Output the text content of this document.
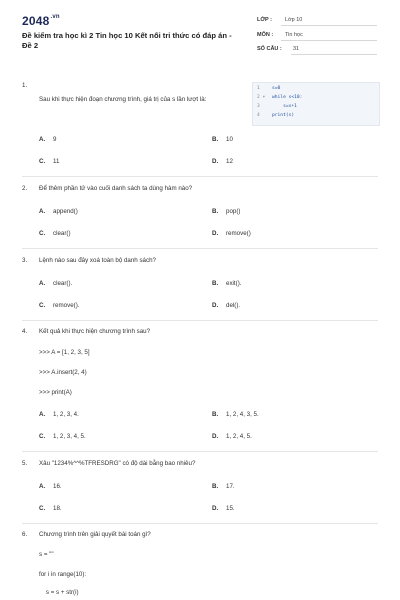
$2048^{.vn}$
Đề kiểm tra học kì 2 Tin học 10 Kết nối tri thức có đáp án - Đề 2
LỚP : Lớp 10
MÔN : Tin học
SỐ CÂU : 31
1.
Sau khi thực hiện đoạn chương trình, giá trị của s lần lượt là:
1
2 ▾
3
4
s=0
while s<10:
s=s+1
print(s)
A. 9	B. 10
C. 11	D. 12
2. Để thêm phần tử vào cuối danh sách ta dùng hàm nào?
A. append()	B. pop()
C. clear()	D. remove()
3. Lệnh nào sau đây xoá toàn bộ danh sách?
A. clear().	B. exit().
C. remove().	D. del().
4. Kết quả khi thực hiện chương trình sau?
>>> A = [1, 2, 3, 5]
>>> A.insert(2, 4)
>>> print(A)
A. 1, 2, 3, 4.	B. 1, 2, 4, 3, 5.
C. 1, 2, 3, 4, 5.	D. 1, 2, 4, 5.
5. Xâu "1234%^^%TFRESDRG" có độ dài bằng bao nhiêu?
A. 16.	B. 17.
C. 18.	D. 15.
6. Chương trình trên giải quyết bài toán gì?
s = ""
for i in range(10):
s = s + str(i)
